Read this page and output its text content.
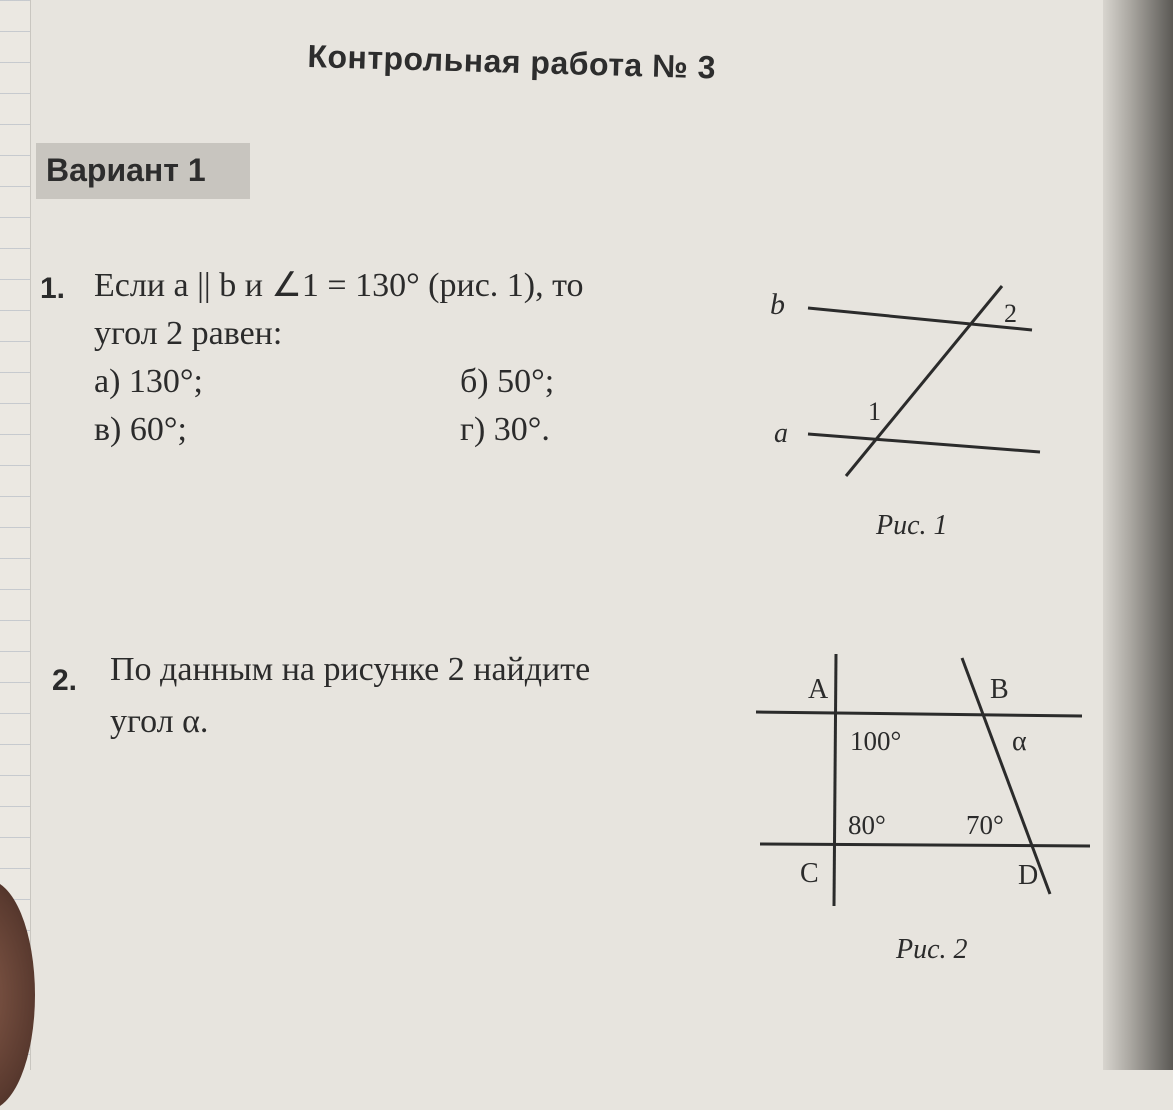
Контрольная работа № 3
Вариант 1
1. Если a || b и ∠1 = 130° (рис. 1), то
угол 2 равен:
а) 130°;	б) 50°;
в) 60°;	г) 30°.
b
a
1
2
Рис. 1
2. По данным на рисунке 2 найдите
угол α.
A	B
C	D
100°	α
80°	70°
Рис. 2
